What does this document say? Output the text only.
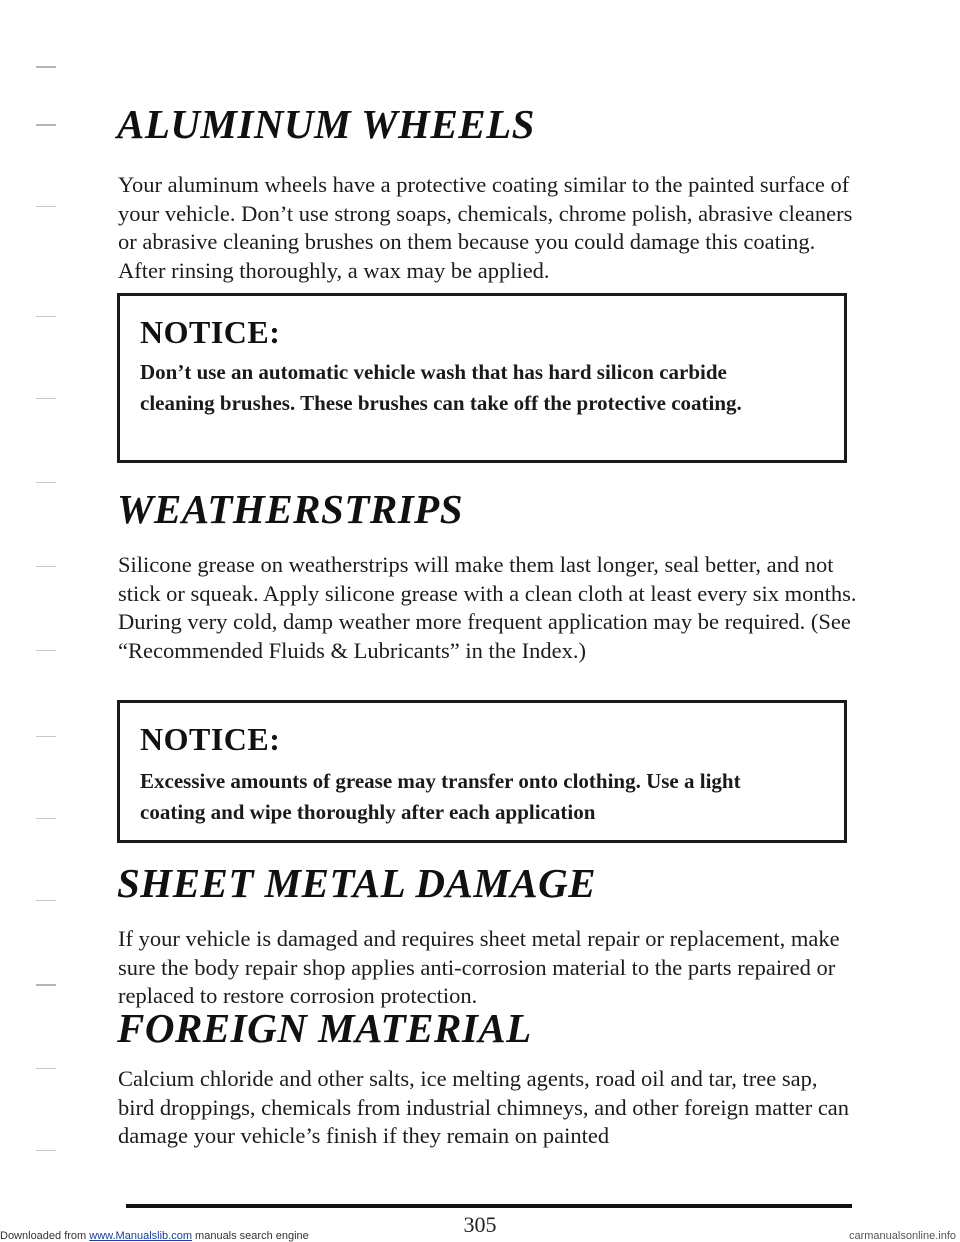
ALUMINUM WHEELS

Your aluminum wheels have a protective coating similar to the painted surface of your vehicle. Don’t use strong soaps, chemicals, chrome polish, abrasive cleaners or abrasive cleaning brushes on them because you could damage this coating. After rinsing thoroughly, a wax may be applied.

NOTICE:

Don’t use an automatic vehicle wash that has hard silicon carbide cleaning brushes. These brushes can take off the protective coating.

WEATHERSTRIPS

Silicone grease on weatherstrips will make them last longer, seal better, and not stick or squeak. Apply silicone grease with a clean cloth at least every six months. During very cold, damp weather more frequent application may be required. (See “Recommended Fluids & Lubricants” in the Index.)

NOTICE:

Excessive amounts of grease may transfer onto clothing. Use a light coating and wipe thoroughly after each application

SHEET METAL DAMAGE

If your vehicle is damaged and requires sheet metal repair or replacement, make sure the body repair shop applies anti-corrosion material to the parts repaired or replaced to restore corrosion protection.

FOREIGN MATERIAL

Calcium chloride and other salts, ice melting agents, road oil and tar, tree sap, bird droppings, chemicals from industrial chimneys, and other foreign matter can damage your vehicle’s finish if they remain on painted

305
Downloaded from www.Manualslib.com manuals search engine	carmanualsonline.info
